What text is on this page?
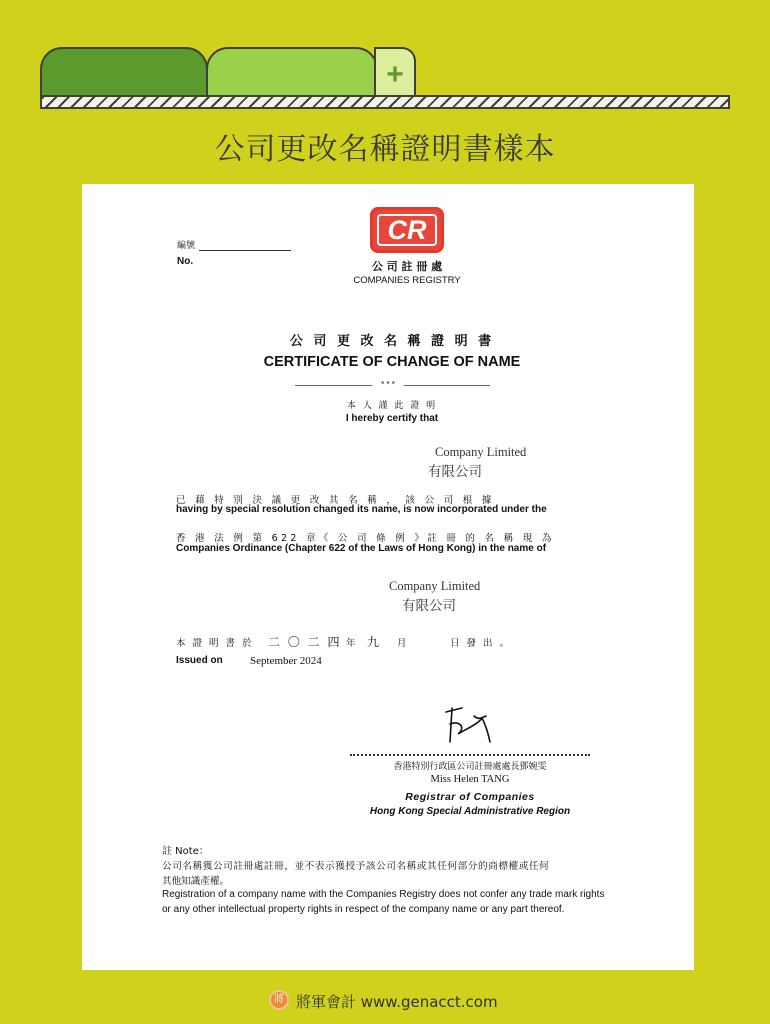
+
公司更改名稱證明書樣本
編號
No.
CR
公 司 註 冊 處
COMPANIES REGISTRY
公 司 更 改 名 稱 證 明 書
CERTIFICATE OF CHANGE OF NAME
* * *
本 人 謹 此 證 明
I hereby certify that
Company Limited
有限公司
已 藉 特 別 決 議 更 改 其 名 稱 ， 該 公 司 根 據
having by special resolution changed its name, is now incorporated under the
香 港 法 例 第 622 章《 公 司 條 例 》註 冊 的 名 稱 現 為
Companies Ordinance (Chapter 622 of the Laws of Hong Kong) in the name of
Company Limited
有限公司
本 證 明 書 於 二 〇 二 四 年 九 月	日 發 出 。
Issued on September 2024
香港特別行政區公司註冊處處長鄧婉雯
Miss Helen TANG
Registrar of Companies
Hong Kong Special Administrative Region
註 Note：
公司名稱獲公司註冊處註冊，並不表示獲授予該公司名稱或其任何部分的商標權或任何
其他知識產權。
Registration of a company name with the Companies Registry does not confer any trade mark rights
or any other intellectual property rights in respect of the company name or any part thereof.
將 將軍會計 www.genacct.com
